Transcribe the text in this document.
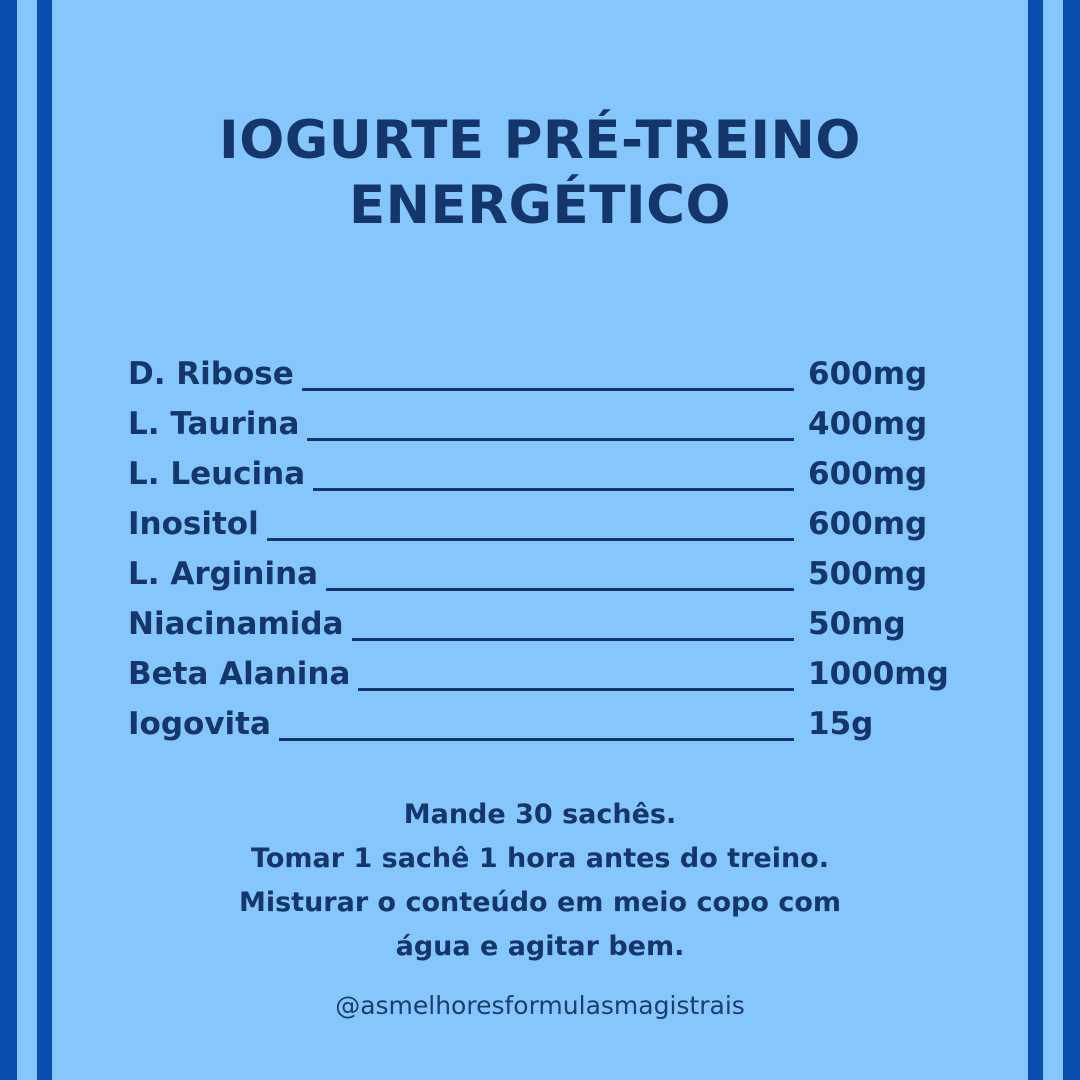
IOGURTE PRÉ-TREINO
ENERGÉTICO
D. Ribose	600mg
L. Taurina	400mg
L. Leucina	600mg
Inositol	600mg
L. Arginina	500mg
Niacinamida	50mg
Beta Alanina	1000mg
Iogovita	15g
Mande 30 sachês.
Tomar 1 sachê 1 hora antes do treino.
Misturar o conteúdo em meio copo com
água e agitar bem.
@asmelhoresformulasmagistrais
